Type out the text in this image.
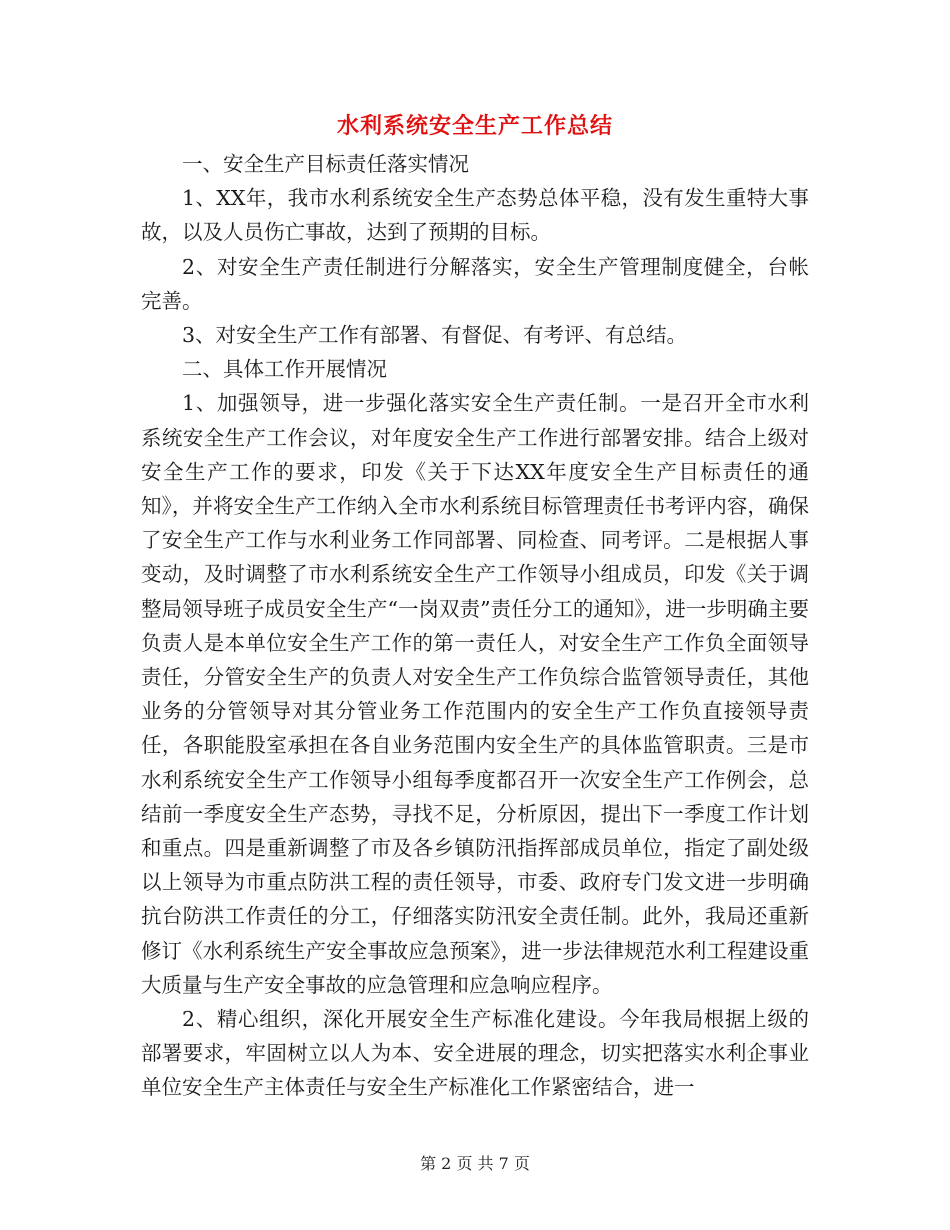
水利系统安全生产工作总结

一、安全生产目标责任落实情况

1、XX年，我市水利系统安全生产态势总体平稳，没有发生重特大事故，以及人员伤亡事故，达到了预期的目标。

2、对安全生产责任制进行分解落实，安全生产管理制度健全，台帐完善。

3、对安全生产工作有部署、有督促、有考评、有总结。

二、具体工作开展情况

1、加强领导，进一步强化落实安全生产责任制。一是召开全市水利系统安全生产工作会议，对年度安全生产工作进行部署安排。结合上级对安全生产工作的要求，印发《关于下达XX年度安全生产目标责任的通知》，并将安全生产工作纳入全市水利系统目标管理责任书考评内容，确保了安全生产工作与水利业务工作同部署、同检查、同考评。二是根据人事变动，及时调整了市水利系统安全生产工作领导小组成员，印发《关于调整局领导班子成员安全生产“一岗双责”责任分工的通知》，进一步明确主要负责人是本单位安全生产工作的第一责任人，对安全生产工作负全面领导责任，分管安全生产的负责人对安全生产工作负综合监管领导责任，其他业务的分管领导对其分管业务工作范围内的安全生产工作负直接领导责任，各职能股室承担在各自业务范围内安全生产的具体监管职责。三是市水利系统安全生产工作领导小组每季度都召开一次安全生产工作例会，总结前一季度安全生产态势，寻找不足，分析原因，提出下一季度工作计划和重点。四是重新调整了市及各乡镇防汛指挥部成员单位，指定了副处级以上领导为市重点防洪工程的责任领导，市委、政府专门发文进一步明确抗台防洪工作责任的分工，仔细落实防汛安全责任制。此外，我局还重新修订《水利系统生产安全事故应急预案》，进一步法律规范水利工程建设重大质量与生产安全事故的应急管理和应急响应程序。

2、精心组织，深化开展安全生产标准化建设。今年我局根据上级的部署要求，牢固树立以人为本、安全进展的理念，切实把落实水利企事业单位安全生产主体责任与安全生产标准化工作紧密结合，进一

第 2 页 共 7 页
